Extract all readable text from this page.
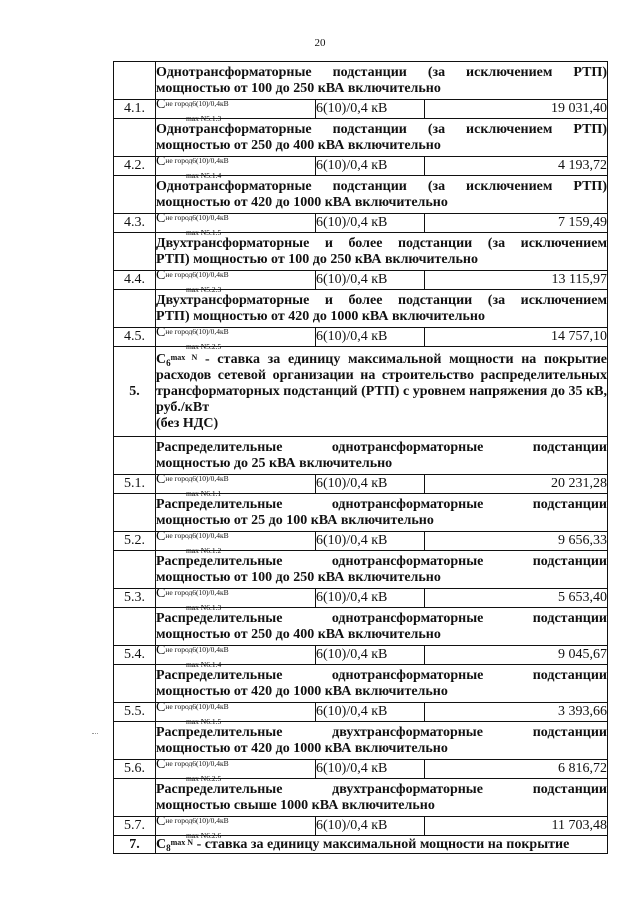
20
	Однотрансформаторные подстанции (за исключением РТП)
мощностью от 100 до 250 кВА включительно		

4.1.	$С^{не город6(10)/0,4кВ}$
$_{max N5.1.3}$	6(10)/0,4 кВ	19 031,40
	Однотрансформаторные подстанции (за исключением РТП)
мощностью от 250 до 400 кВА включительно		

4.2.	$С^{не город6(10)/0,4кВ}$
$_{max N5.1.4}$	6(10)/0,4 кВ	4 193,72
	Однотрансформаторные подстанции (за исключением РТП)
мощностью от 420 до 1000 кВА включительно		

4.3.	$С^{не город6(10)/0,4кВ}$
$_{max N5.1.5}$	6(10)/0,4 кВ	7 159,49
	Двухтрансформаторные и более подстанции (за исключением
РТП) мощностью от 100 до 250 кВА включительно		

4.4.	$С^{не город6(10)/0,4кВ}$
$_{max N5.2.3}$	6(10)/0,4 кВ	13 115,97
	Двухтрансформаторные и более подстанции (за исключением
РТП) мощностью от 420 до 1000 кВА включительно		

4.5.	$С^{не город6(10)/0,4кВ}$
$_{max N5.2.5}$	6(10)/0,4 кВ	14 757,10
5.	$С_6^{max N}$ - ставка за единицу максимальной мощности на покрытие расходов сетевой организации на строительство распределительных трансформаторных подстанций (РТП) с уровнем напряжения до 35 кВ, руб./кВт
(без НДС)		

	Распределительные однотрансформаторные подстанции
мощностью до 25 кВА включительно		

5.1.	$С^{не город6(10)/0,4кВ}$
$_{max N6.1.1}$	6(10)/0,4 кВ	20 231,28
	Распределительные однотрансформаторные подстанции
мощностью от 25 до 100 кВА включительно		

5.2.	$С^{не город6(10)/0,4кВ}$
$_{max N6.1.2}$	6(10)/0,4 кВ	9 656,33
	Распределительные однотрансформаторные подстанции
мощностью от 100 до 250 кВА включительно		

5.3.	$С^{не город6(10)/0,4кВ}$
$_{max N6.1.3}$	6(10)/0,4 кВ	5 653,40
	Распределительные однотрансформаторные подстанции
мощностью от 250 до 400 кВА включительно		

5.4.	$С^{не город6(10)/0,4кВ}$
$_{max N6.1.4}$	6(10)/0,4 кВ	9 045,67
	Распределительные однотрансформаторные подстанции
мощностью от 420 до 1000 кВА включительно		

5.5.	$С^{не город6(10)/0,4кВ}$
$_{max N6.1.5}$	6(10)/0,4 кВ	3 393,66
	Распределительные двухтрансформаторные подстанции
мощностью от 420 до 1000 кВА включительно		

5.6.	$С^{не город6(10)/0,4кВ}$
$_{max N6.2.5}$	6(10)/0,4 кВ	6 816,72
	Распределительные двухтрансформаторные подстанции
мощностью свыше 1000 кВА включительно		

5.7.	$С^{не город6(10)/0,4кВ}$
$_{max N6.2.6}$	6(10)/0,4 кВ	11 703,48
7.	$С_8^{max N}$ - ставка за единицу максимальной мощности на покрытие		
